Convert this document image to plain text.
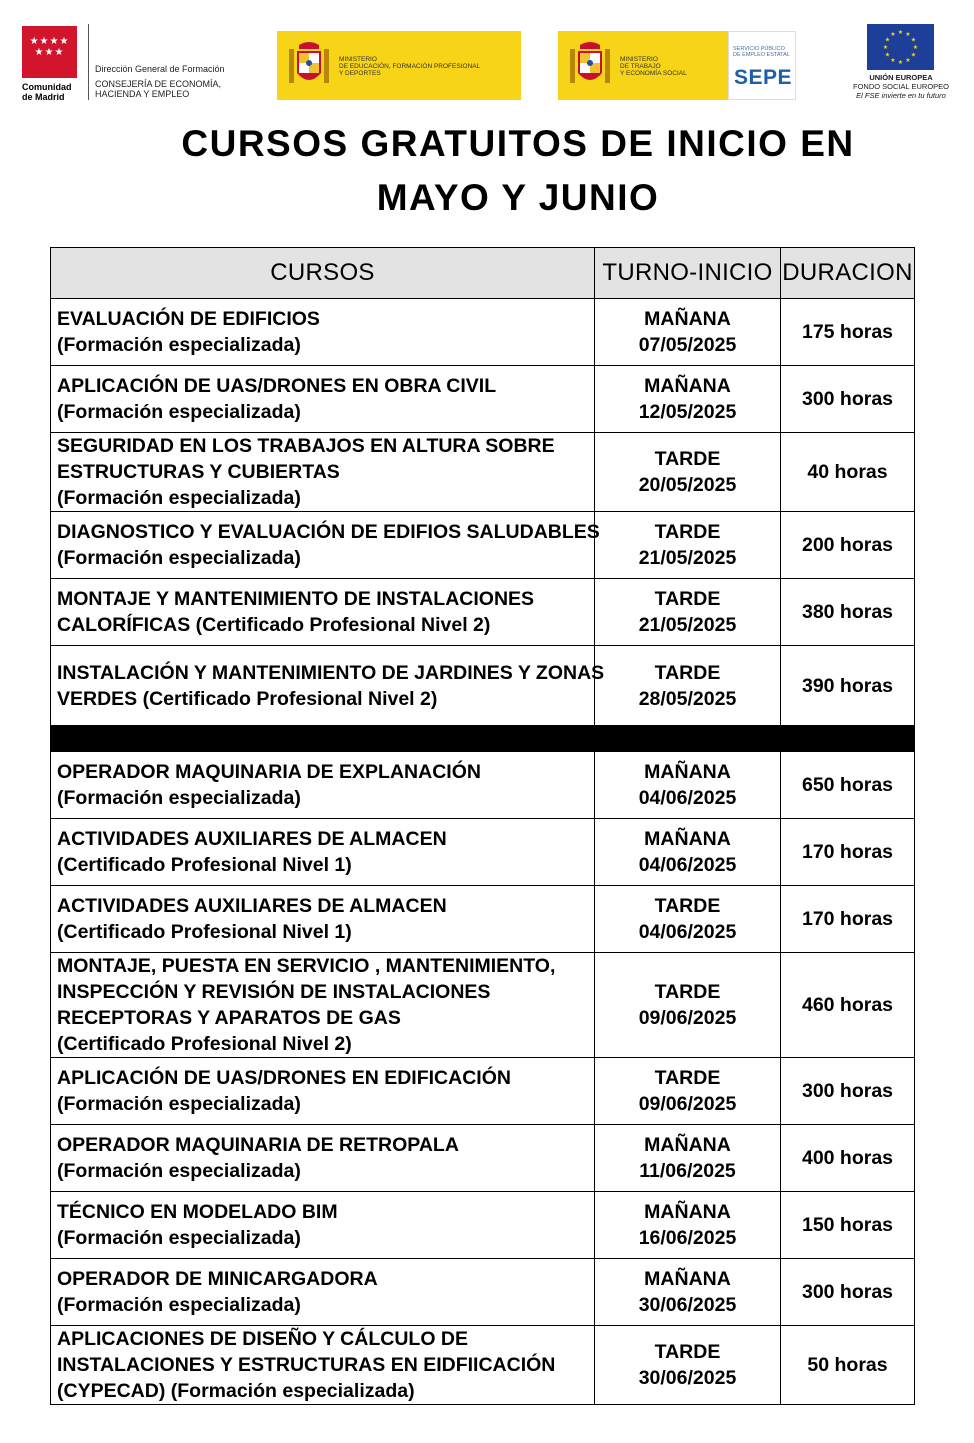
★★★★
★★★
Comunidad
de Madrid
Dirección General de Formación
CONSEJERÍA DE ECONOMÍA,
HACIENDA Y EMPLEO
MINISTERIO
DE EDUCACIÓN, FORMACIÓN PROFESIONAL
Y DEPORTES
MINISTERIO
DE TRABAJO
Y ECONOMÍA SOCIAL
SERVICIO PÚBLICO
DE EMPLEO ESTATAL
SEPE
★ ★
★
★
★
★
★
★
★
★
★
★
UNIÓN EUROPEA
FONDO SOCIAL EUROPEO
El FSE invierte en tu futuro
CURSOS GRATUITOS DE INICIO EN
MAYO Y JUNIO
CURSOS	TURNO-INICIO	DURACION

EVALUACIÓN DE EDIFICIOS
(Formación especializada)	MAÑANA
07/05/2025	175 horas

APLICACIÓN DE UAS/DRONES EN OBRA CIVIL
(Formación especializada)	MAÑANA
12/05/2025	300 horas

SEGURIDAD EN LOS TRABAJOS EN ALTURA SOBRE
ESTRUCTURAS Y CUBIERTAS
(Formación especializada)	TARDE
20/05/2025	40 horas

DIAGNOSTICO Y EVALUACIÓN DE EDIFIOS SALUDABLES
(Formación especializada)	TARDE
21/05/2025	200 horas

MONTAJE Y MANTENIMIENTO DE INSTALACIONES
CALORÍFICAS (Certificado Profesional Nivel 2)	TARDE
21/05/2025	380 horas

INSTALACIÓN Y MANTENIMIENTO DE JARDINES Y ZONAS
VERDES (Certificado Profesional Nivel 2)	TARDE
28/05/2025	390 horas

OPERADOR MAQUINARIA DE EXPLANACIÓN
(Formación especializada)	MAÑANA
04/06/2025	650 horas

ACTIVIDADES AUXILIARES DE ALMACEN
(Certificado Profesional Nivel 1)	MAÑANA
04/06/2025	170 horas

ACTIVIDADES AUXILIARES DE ALMACEN
(Certificado Profesional Nivel 1)	TARDE
04/06/2025	170 horas

MONTAJE, PUESTA EN SERVICIO , MANTENIMIENTO,
INSPECCIÓN Y REVISIÓN DE INSTALACIONES
RECEPTORAS Y APARATOS DE GAS
(Certificado Profesional Nivel 2)	TARDE
09/06/2025	460 horas

APLICACIÓN DE UAS/DRONES EN EDIFICACIÓN
(Formación especializada)	TARDE
09/06/2025	300 horas

OPERADOR MAQUINARIA DE RETROPALA
(Formación especializada)	MAÑANA
11/06/2025	400 horas

TÉCNICO EN MODELADO BIM
(Formación especializada)	MAÑANA
16/06/2025	150 horas

OPERADOR DE MINICARGADORA
(Formación especializada)	MAÑANA
30/06/2025	300 horas

APLICACIONES DE DISEÑO Y CÁLCULO DE
INSTALACIONES Y ESTRUCTURAS EN EIDFIICACIÓN
(CYPECAD) (Formación especializada)	TARDE
30/06/2025	50 horas
